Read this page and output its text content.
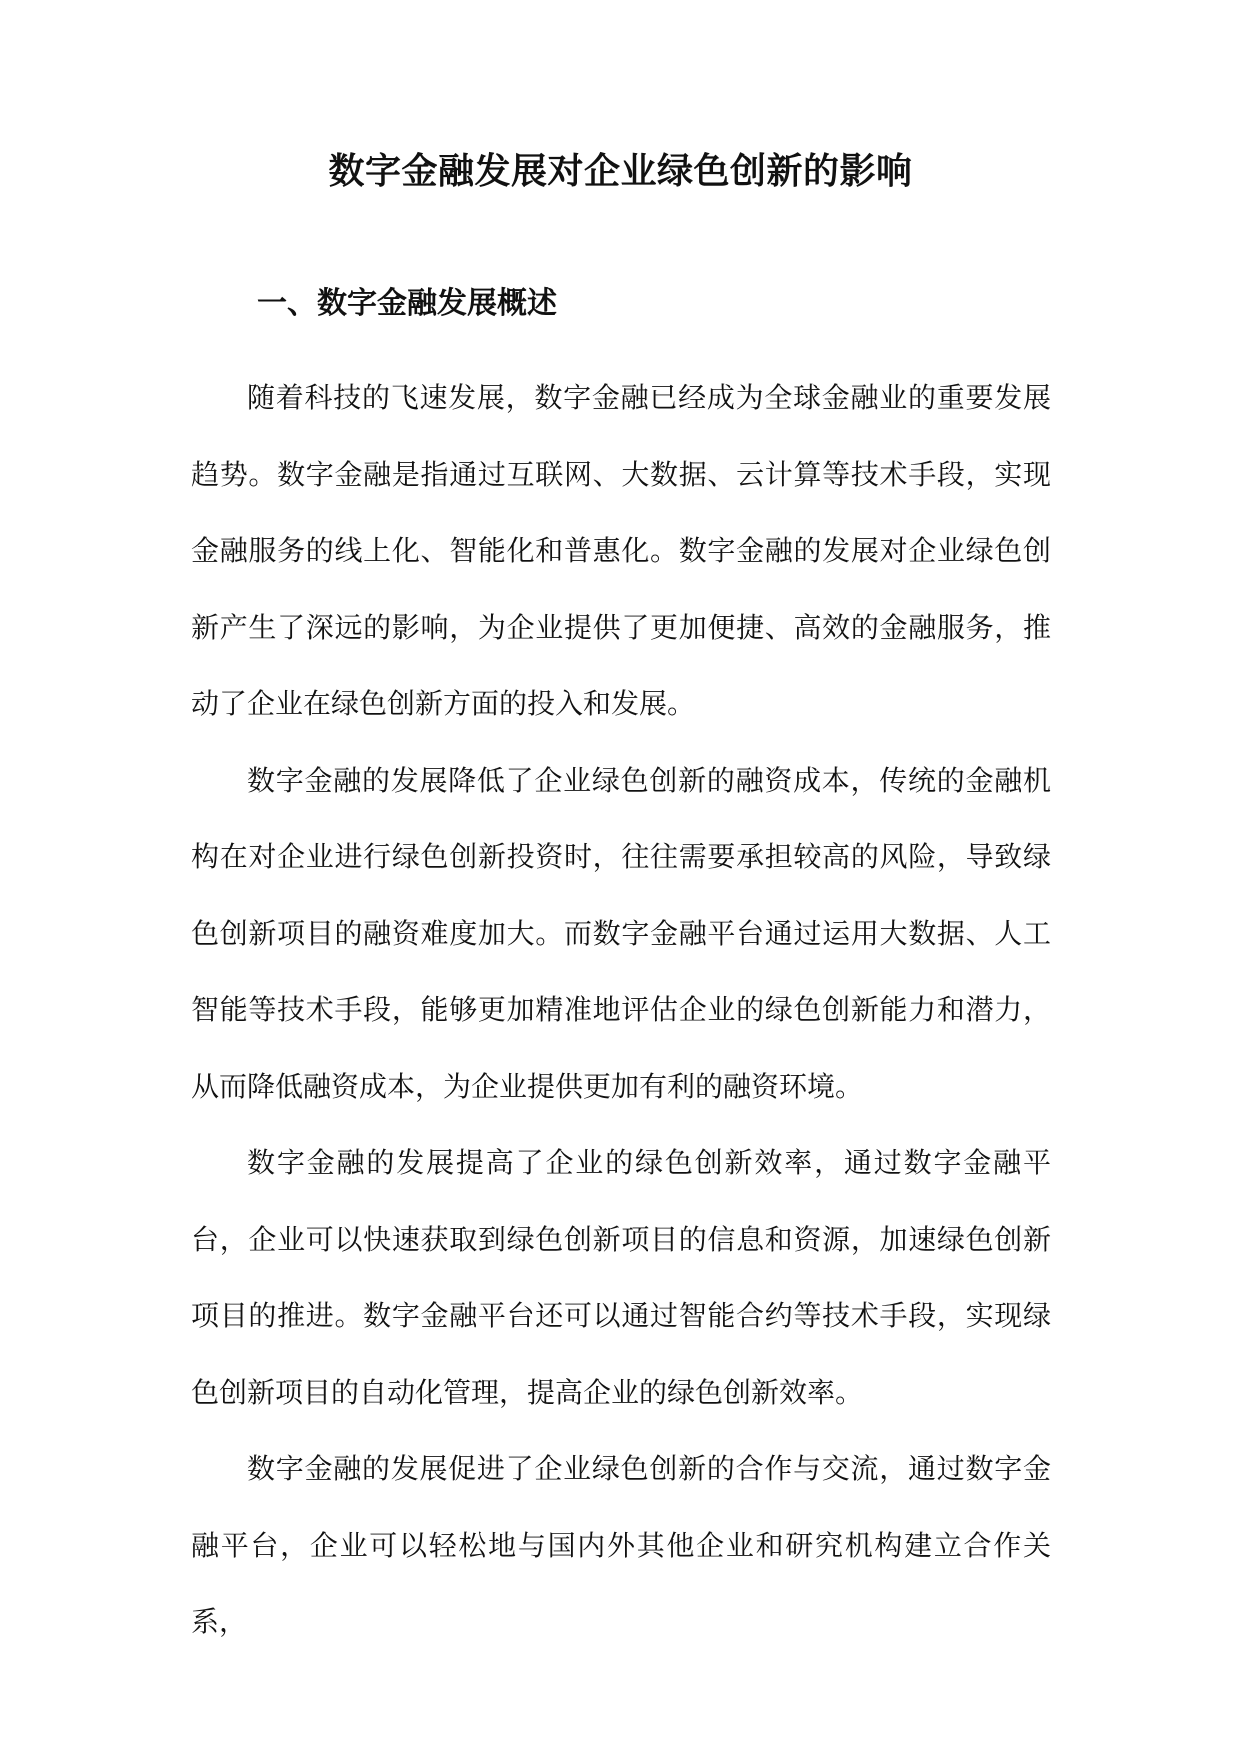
数字金融发展对企业绿色创新的影响
一、数字金融发展概述

随着科技的飞速发展，数字金融已经成为全球金融业的重要发展趋势。数字金融是指通过互联网、大数据、云计算等技术手段，实现金融服务的线上化、智能化和普惠化。数字金融的发展对企业绿色创新产生了深远的影响，为企业提供了更加便捷、高效的金融服务，推动了企业在绿色创新方面的投入和发展。

数字金融的发展降低了企业绿色创新的融资成本，传统的金融机构在对企业进行绿色创新投资时，往往需要承担较高的风险，导致绿色创新项目的融资难度加大。而数字金融平台通过运用大数据、人工智能等技术手段，能够更加精准地评估企业的绿色创新能力和潜力，从而降低融资成本，为企业提供更加有利的融资环境。

数字金融的发展提高了企业的绿色创新效率，通过数字金融平台，企业可以快速获取到绿色创新项目的信息和资源，加速绿色创新项目的推进。数字金融平台还可以通过智能合约等技术手段，实现绿色创新项目的自动化管理，提高企业的绿色创新效率。

数字金融的发展促进了企业绿色创新的合作与交流，通过数字金融平台，企业可以轻松地与国内外其他企业和研究机构建立合作关系，
